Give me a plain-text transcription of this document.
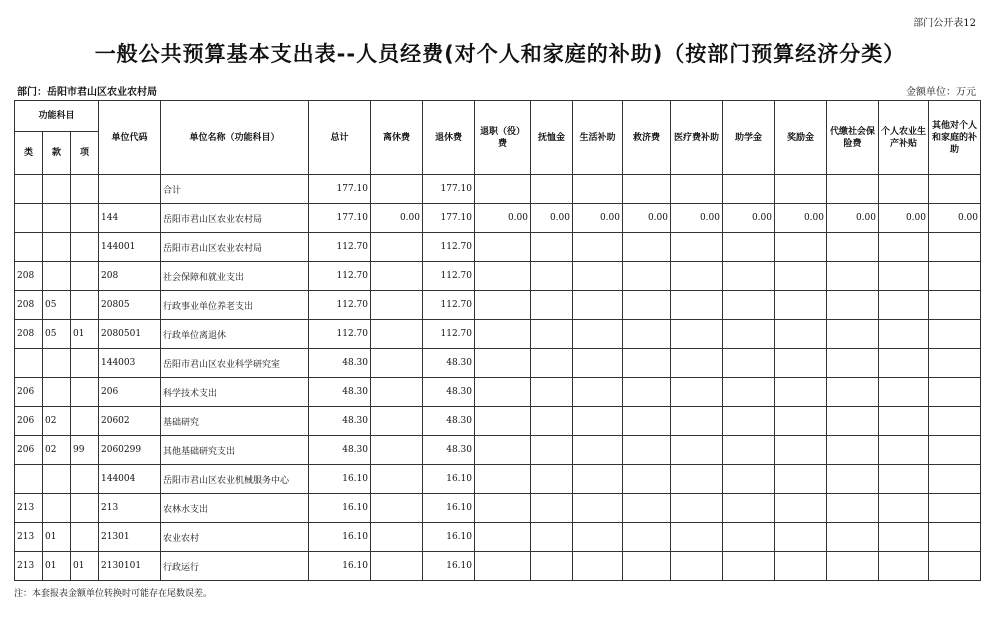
部门公开表12
一般公共预算基本支出表--人员经费(对个人和家庭的补助)（按部门预算经济分类）
部门：岳阳市君山区农业农村局	金额单位：万元
功能科目			单位代码	单位名称（功能科目）	总计	离休费	退休费	退职（役）费	抚恤金	生活补助	救济费	医疗费补助	助学金	奖励金	代缴社会保险费	个人农业生产补贴	其他对个人和家庭的补助
类	款	项															
				合计	177.10		177.10										
			144	岳阳市君山区农业农村局	177.10	0.00	177.10	0.00	0.00	0.00	0.00	0.00	0.00	0.00	0.00	0.00	0.00
			144001	岳阳市君山区农业农村局	112.70		112.70										
208			208	社会保障和就业支出	112.70		112.70										
208	05		20805	行政事业单位养老支出	112.70		112.70										
208	05	01	2080501	行政单位离退休	112.70		112.70										
			144003	岳阳市君山区农业科学研究室	48.30		48.30										
206			206	科学技术支出	48.30		48.30										
206	02		20602	基础研究	48.30		48.30										
206	02	99	2060299	其他基础研究支出	48.30		48.30										
			144004	岳阳市君山区农业机械服务中心	16.10		16.10										
213			213	农林水支出	16.10		16.10										
213	01		21301	农业农村	16.10		16.10										
213	01	01	2130101	行政运行	16.10		16.10										
注：本套报表金额单位转换时可能存在尾数误差。
